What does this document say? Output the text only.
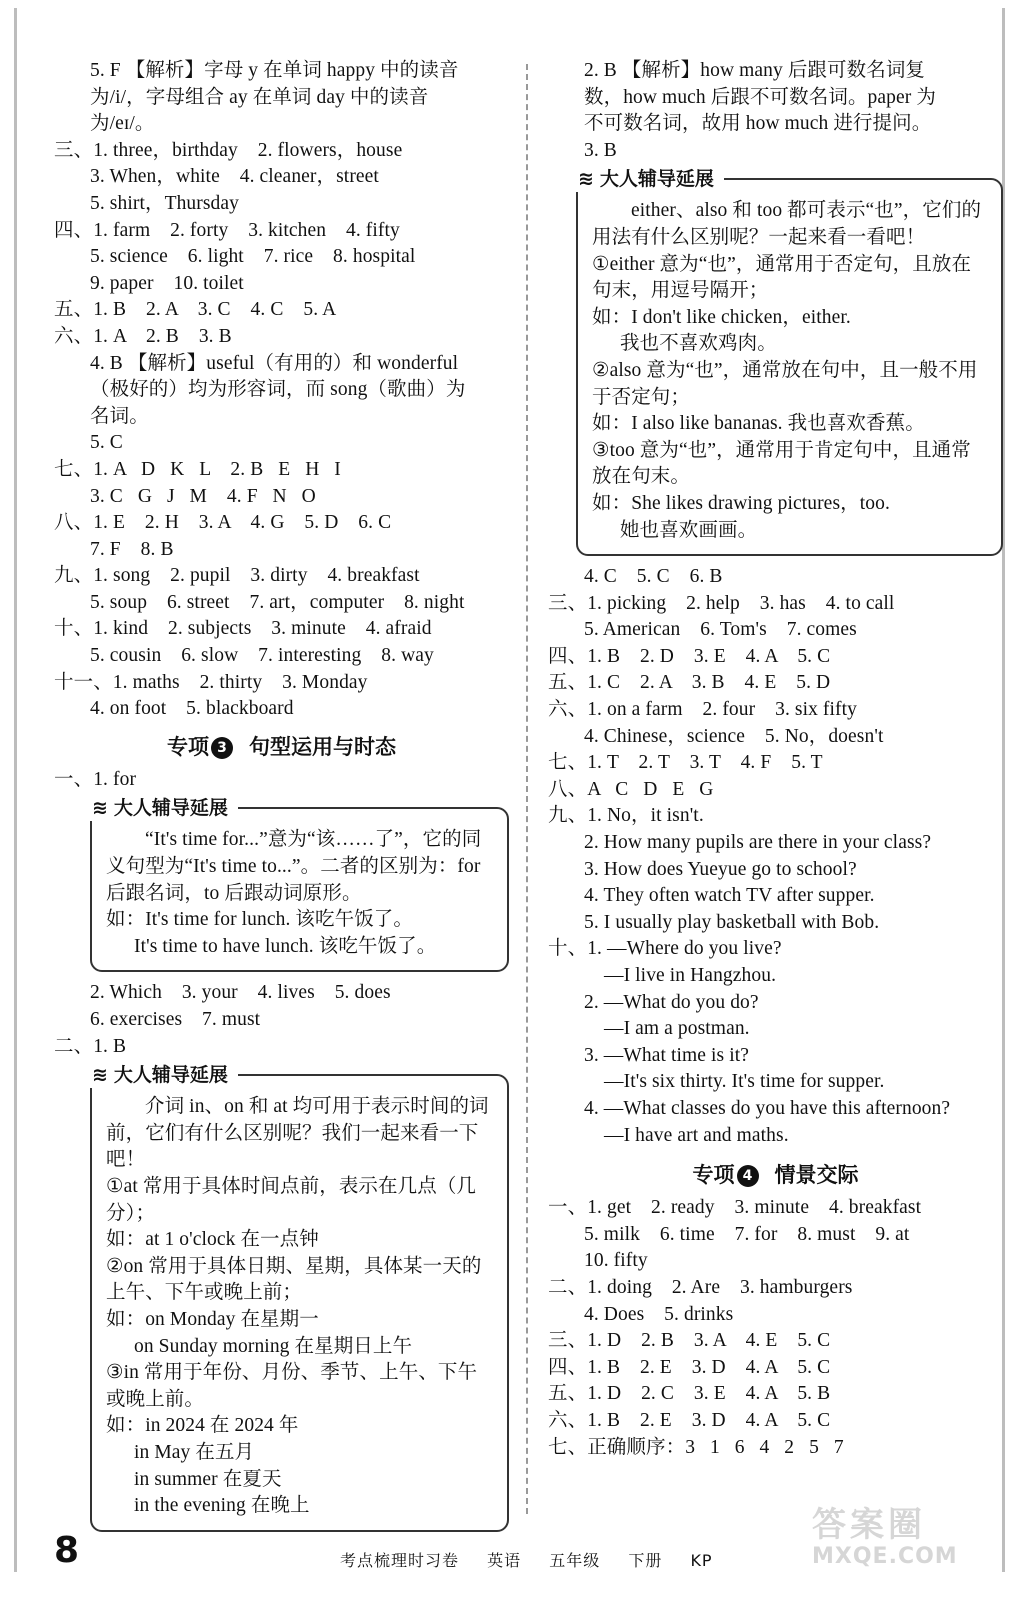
5. F 【解析】字母 y 在单词 happy 中的读音
为/i/，字母组合 ay 在单词 day 中的读音
为/eɪ/。
三、1. three，birthday    2. flowers，house
3. When，white    4. cleaner，street
5. shirt，Thursday
四、1. farm    2. forty    3. kitchen    4. fifty
5. science    6. light    7. rice    8. hospital
9. paper    10. toilet
五、1. B    2. A    3. C    4. C    5. A
六、1. A    2. B    3. B
4. B 【解析】useful（有用的）和 wonderful
（极好的）均为形容词，而 song（歌曲）为
名词。
5. C
七、1. A   D   K   L    2. B   E   H   I
3. C   G   J   M    4. F   N   O
八、1. E    2. H    3. A    4. G    5. D    6. C
7. F    8. B
九、1. song    2. pupil    3. dirty    4. breakfast
5. soup    6. street    7. art，computer    8. night
十、1. kind    2. subjects    3. minute    4. afraid
5. cousin    6. slow    7. interesting    8. way
十一、1. maths    2. thirty    3. Monday
4. on foot    5. blackboard
专项 3 句型运用与时态
一、1. for
≋ 大人辅导延展
“It's time for...”意为“该……了”，它的同义句型为“It's time to...”。二者的区别为：for 后跟名词，to 后跟动词原形。
如：It's time for lunch. 该吃午饭了。
It's time to have lunch. 该吃午饭了。
2. Which    3. your    4. lives    5. does
6. exercises    7. must
二、1. B
≋ 大人辅导延展
介词 in、on 和 at 均可用于表示时间的词前，它们有什么区别呢？我们一起来看一下吧！
①at 常用于具体时间点前，表示在几点（几分）；
如：at 1 o'clock 在一点钟
②on 常用于具体日期、星期，具体某一天的上午、下午或晚上前；
如：on Monday 在星期一
on Sunday morning 在星期日上午
③in 常用于年份、月份、季节、上午、下午或晚上前。
如：in 2024 在 2024 年
in May 在五月
in summer 在夏天
in the evening 在晚上
2. B 【解析】how many 后跟可数名词复
数，how much 后跟不可数名词。paper 为
不可数名词，故用 how much 进行提问。
3. B
≋ 大人辅导延展
either、also 和 too 都可表示“也”，它们的用法有什么区别呢？一起来看一看吧！
①either 意为“也”，通常用于否定句，且放在句末，用逗号隔开；
如：I don't like chicken，either.
我也不喜欢鸡肉。
②also 意为“也”，通常放在句中，且一般不用于否定句；
如：I also like bananas. 我也喜欢香蕉。
③too 意为“也”，通常用于肯定句中，且通常放在句末。
如：She likes drawing pictures，too.
她也喜欢画画。
4. C    5. C    6. B
三、1. picking    2. help    3. has    4. to call
5. American    6. Tom's    7. comes
四、1. B    2. D    3. E    4. A    5. C
五、1. C    2. A    3. B    4. E    5. D
六、1. on a farm    2. four    3. six fifty
4. Chinese，science    5. No，doesn't
七、1. T    2. T    3. T    4. F    5. T
八、A   C   D   E   G
九、1. No，it isn't.
2. How many pupils are there in your class?
3. How does Yueyue go to school?
4. They often watch TV after supper.
5. I usually play basketball with Bob.
十、1. —Where do you live?
—I live in Hangzhou.
2. —What do you do?
—I am a postman.
3. —What time is it?
—It's six thirty. It's time for supper.
4. —What classes do you have this afternoon?
—I have art and maths.
专项 4 情景交际
一、1. get    2. ready    3. minute    4. breakfast
5. milk    6. time    7. for    8. must    9. at
10. fifty
二、1. doing    2. Are    3. hamburgers
4. Does    5. drinks
三、1. D    2. B    3. A    4. E    5. C
四、1. B    2. E    3. D    4. A    5. C
五、1. D    2. C    3. E    4. A    5. B
六、1. B    2. E    3. D    4. A    5. C
七、正确顺序：3   1   6   4   2   5   7
8	考点梳理时习卷 英语 五年级 下册 KP
答案圈
MXQE.COM
